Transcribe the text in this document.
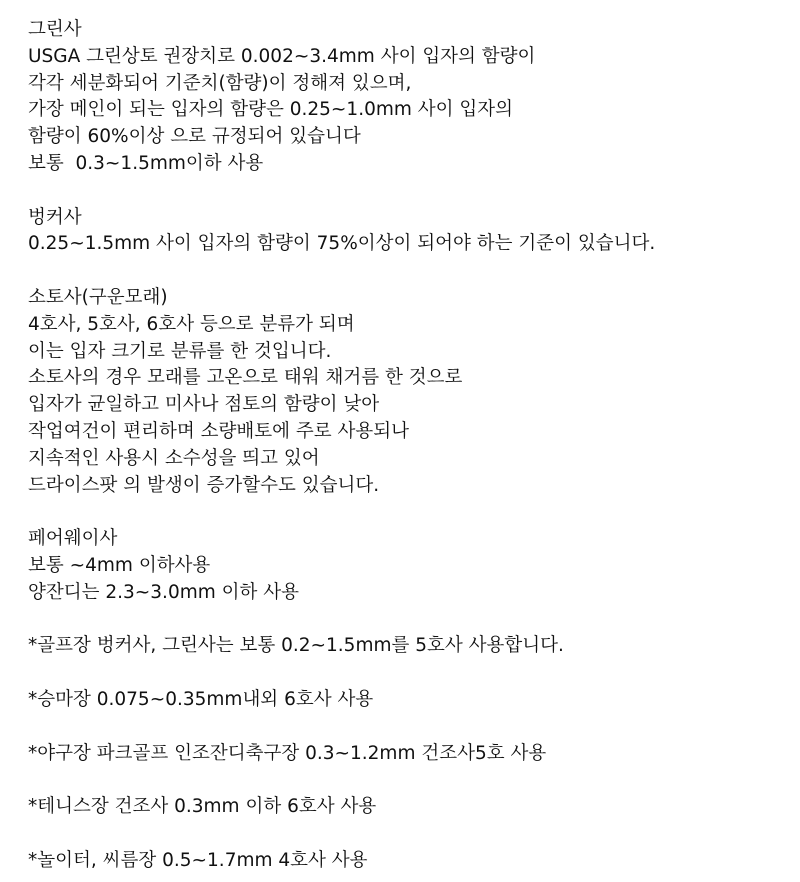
그린사
USGA 그린상토 권장치로 0.002~3.4mm 사이 입자의 함량이
각각 세분화되어 기준치(함량)이 정해져 있으며,
가장 메인이 되는 입자의 함량은 0.25~1.0mm 사이 입자의
함량이 60%이상 으로 규정되어 있습니다
보통  0.3~1.5mm이하 사용
벙커사
0.25~1.5mm 사이 입자의 함량이 75%이상이 되어야 하는 기준이 있습니다.
소토사(구운모래)
4호사, 5호사, 6호사 등으로 분류가 되며
이는 입자 크기로 분류를 한 것입니다.
소토사의 경우 모래를 고온으로 태워 채거름 한 것으로
입자가 균일하고 미사나 점토의 함량이 낮아
작업여건이 편리하며 소량배토에 주로 사용되나
지속적인 사용시 소수성을 띄고 있어
드라이스팟 의 발생이 증가할수도 있습니다.
페어웨이사
보통 ~4mm 이하사용
양잔디는 2.3~3.0mm 이하 사용
*골프장 벙커사, 그린사는 보통 0.2~1.5mm를 5호사 사용합니다.
*승마장 0.075~0.35mm내외 6호사 사용
*야구장 파크골프 인조잔디축구장 0.3~1.2mm 건조사5호 사용
*테니스장 건조사 0.3mm 이하 6호사 사용
*놀이터, 씨름장 0.5~1.7mm 4호사 사용
